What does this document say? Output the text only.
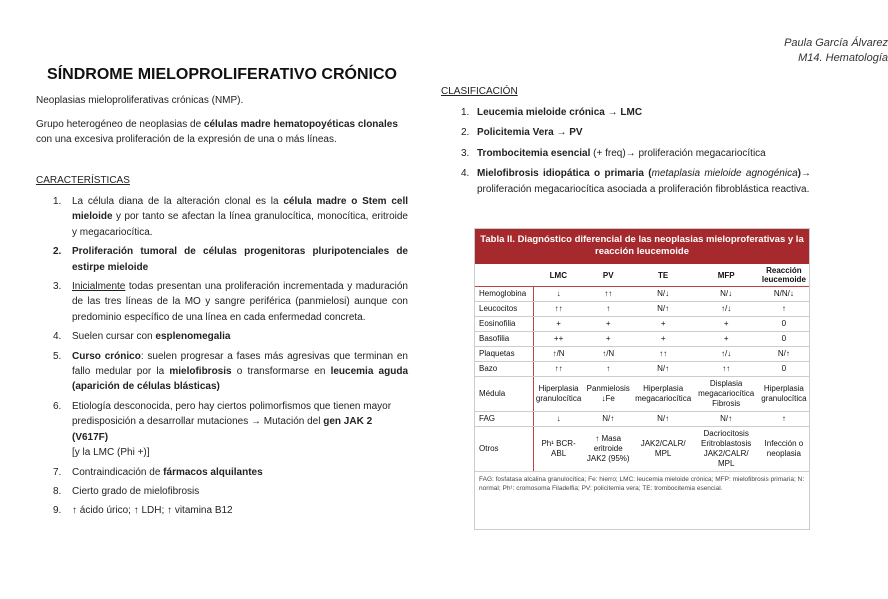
Paula García Álvarez
M14. Hematología
SÍNDROME MIELOPROLIFERATIVO CRÓNICO
Neoplasias mieloproliferativas crónicas (NMP).
Grupo heterogéneo de neoplasias de células madre hematopoyéticas clonales con una excesiva proliferación de la expresión de una o más líneas.
CARACTERÍSTICAS
1. La célula diana de la alteración clonal es la célula madre o Stem cell mieloide y por tanto se afectan la línea granulocítica, monocítica, eritroide y megacariocítica.
2. Proliferación tumoral de células progenitoras pluripotenciales de estirpe mieloide
3. Inicialmente todas presentan una proliferación incrementada y maduración de las tres líneas de la MO y sangre periférica (panmielosi) aunque con predominio específico de una línea en cada enfermedad concreta.
4. Suelen cursar con esplenomegalia
5. Curso crónico: suelen progresar a fases más agresivas que terminan en fallo medular por la mielofibrosis o transformarse en leucemia aguda (aparición de células blásticas)
6. Etiología desconocida, pero hay ciertos polimorfismos que tienen mayor predisposición a desarrollar mutaciones → Mutación del gen JAK 2 (V617F)
[y la LMC (Phi +)]
7. Contraindicación de fármacos alquilantes
8. Cierto grado de mielofibrosis
9. ↑ ácido úrico; ↑ LDH; ↑ vitamina B12
CLASIFICACIÓN
1. Leucemia mieloide crónica → LMC
2. Policitemia Vera → PV
3. Trombocitemia esencial (+ freq)→ proliferación megacariocítica
4. Mielofibrosis idiopática o primaria (metaplasia mieloide agnogénica)→ proliferación megacariocítica asociada a proliferación fibroblástica reactiva.
Tabla II. Diagnóstico diferencial de las neoplasias mieloproferativas y la reacción leucemoide
	LMC	PV	TE	MFP	Reacción leucemoide
Hemoglobina	↓	↑↑	N/↓	N/↓	N/N/↓
Leucocitos	↑↑	↑	N/↑	↑/↓	↑
Eosinofilia	+	+	+	+	0
Basofilia	++	+	+	+	0
Plaquetas	↑/N	↑/N	↑↑	↑/↓	N/↑
Bazo	↑↑	↑	N/↑	↑↑	0
Médula	Hiperplasia granulocítica	Panmielosis ↓Fe	Hiperplasia megacariocítica	Displasia megacariocítica Fibrosis	Hiperplasia granulocítica
FAG	↓	N/↑	N/↑	N/↑	↑
Otros	Ph¹ BCR-ABL	↑ Masa eritroide JAK2 (95%)	JAK2/CALR/ MPL	Dacriocitosis Eritroblastosis JAK2/CALR/ MPL	Infección o neoplasia
FAG: fosfatasa alcalina granulocítica; Fe: hierro; LMC: leucemia mieloide crónica; MFP: mielofibrosis primaria; N: normal; Ph¹: cromosoma Filadelfia; PV: policitemia vera; TE: trombocitemia esencial.
